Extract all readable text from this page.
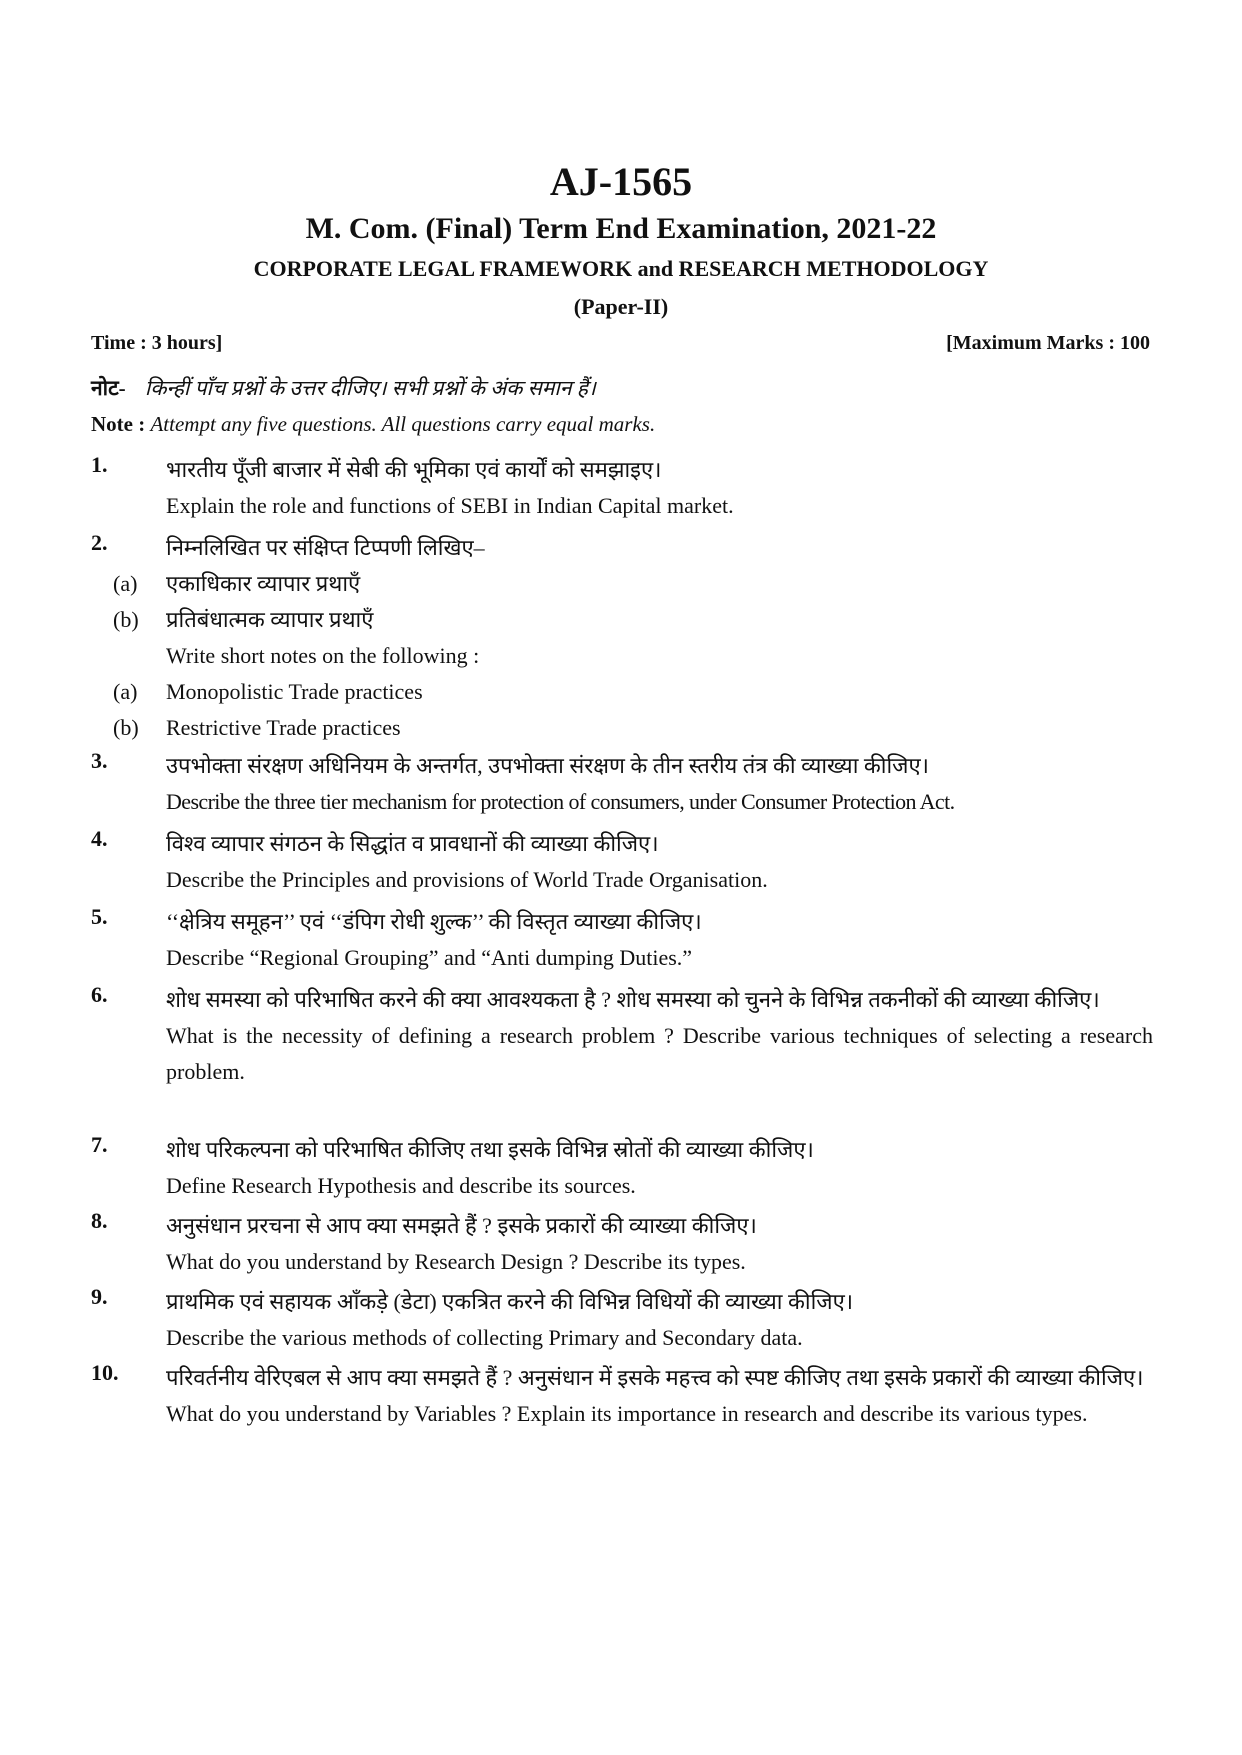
AJ-1565
M. Com. (Final) Term End Examination, 2021-22
CORPORATE LEGAL FRAMEWORK and RESEARCH METHODOLOGY
(Paper-II)
Time : 3 hours]	[Maximum Marks : 100
नोट- किन्हीं पाँच प्रश्नों के उत्तर दीजिए। सभी प्रश्नों के अंक समान हैं।
Note : Attempt any five questions. All questions carry equal marks.
1.	भारतीय पूँजी बाजार में सेबी की भूमिका एवं कार्यों को समझाइए।
Explain the role and functions of SEBI in Indian Capital market.
2.	निम्नलिखित पर संक्षिप्त टिप्पणी लिखिए–
(a) एकाधिकार व्यापार प्रथाएँ
(b) प्रतिबंधात्मक व्यापार प्रथाएँ
Write short notes on the following :
(a) Monopolistic Trade practices
(b) Restrictive Trade practices
3.	उपभोक्ता संरक्षण अधिनियम के अन्तर्गत, उपभोक्ता संरक्षण के तीन स्तरीय तंत्र की व्याख्या कीजिए।
Describe the three tier mechanism for protection of consumers, under Consumer Protection Act.
4.	विश्व व्यापार संगठन के सिद्धांत व प्रावधानों की व्याख्या कीजिए।
Describe the Principles and provisions of World Trade Organisation.
5.	‘‘क्षेत्रिय समूहन’’ एवं ‘‘डंपिग रोधी शुल्क’’ की विस्तृत व्याख्या कीजिए।
Describe “Regional Grouping” and “Anti dumping Duties.”
6.	शोध समस्या को परिभाषित करने की क्या आवश्यकता है ? शोध समस्या को चुनने के विभिन्न तकनीकों की व्याख्या कीजिए।
What is the necessity of defining a research problem ? Describe various techniques of selecting a research problem.
7.	शोध परिकल्पना को परिभाषित कीजिए तथा इसके विभिन्न स्रोतों की व्याख्या कीजिए।
Define Research Hypothesis and describe its sources.
8.	अनुसंधान प्ररचना से आप क्या समझते हैं ? इसके प्रकारों की व्याख्या कीजिए।
What do you understand by Research Design ? Describe its types.
9.	प्राथमिक एवं सहायक आँकड़े (डेटा) एकत्रित करने की विभिन्न विधियों की व्याख्या कीजिए।
Describe the various methods of collecting Primary and Secondary data.
10. परिवर्तनीय वेरिएबल से आप क्या समझते हैं ? अनुसंधान में इसके महत्त्व को स्पष्ट कीजिए तथा इसके प्रकारों की व्याख्या कीजिए।
What do you understand by Variables ? Explain its importance in research and describe its various types.
